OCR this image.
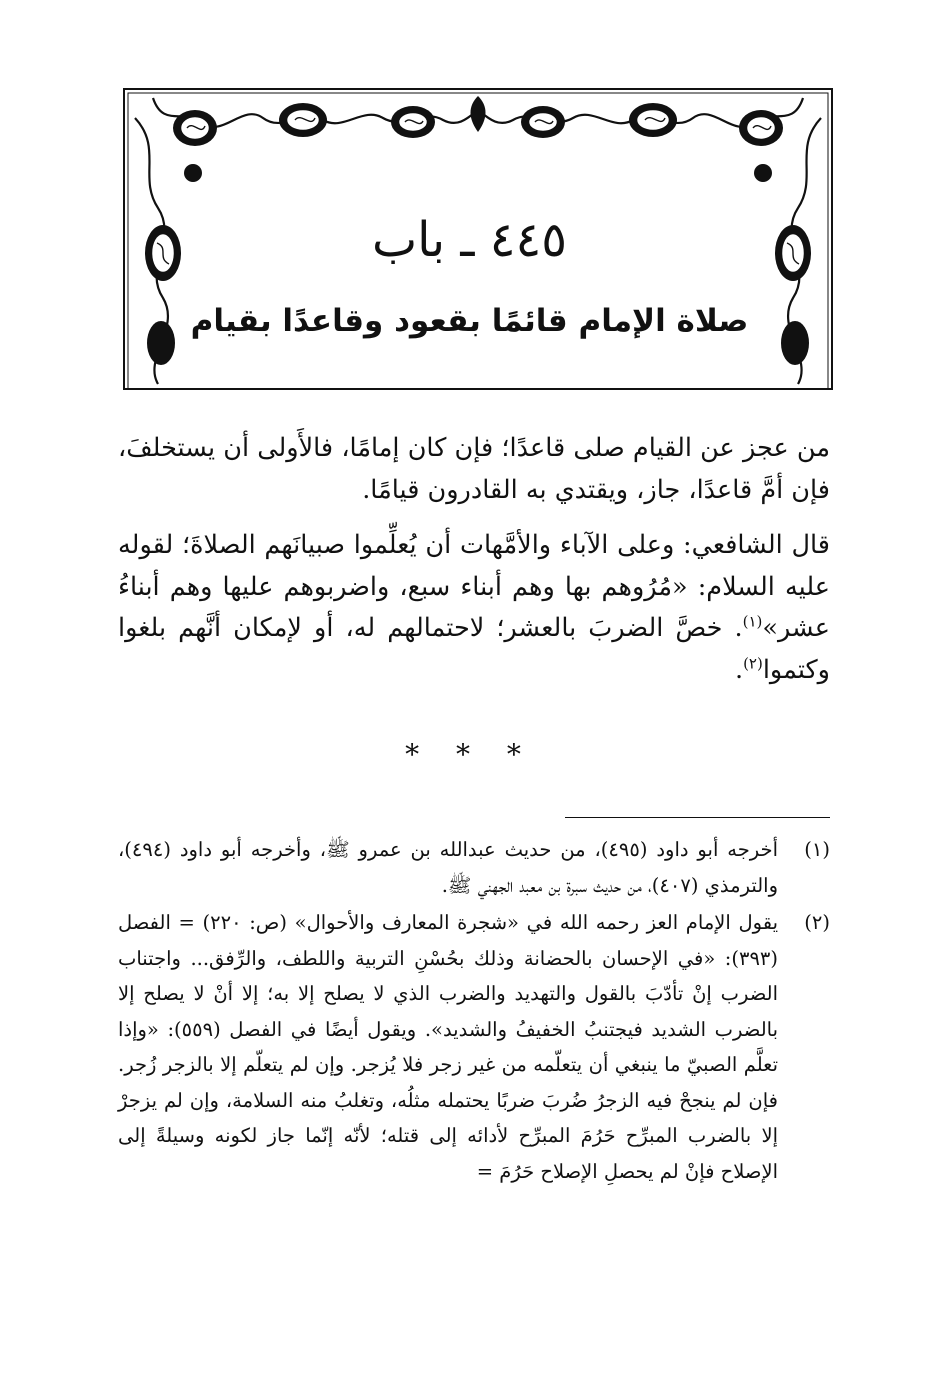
٤٤٥ ـ باب
صلاة الإمام قائمًا بقعود وقاعدًا بقيام

من عجز عن القيام صلى قاعدًا؛ فإن كان إمامًا، فالأَولى أن يستخلفَ، فإن أمَّ قاعدًا، جاز، ويقتدي به القادرون قيامًا.

قال الشافعي: وعلى الآباء والأمَّهات أن يُعلِّموا صبيانَهم الصلاةَ؛ لقوله عليه السلام: «مُرُوهم بها وهم أبناء سبع، واضربوهم عليها وهم أبناءُ عشر»$^{(١)}$. خصَّ الضربَ بالعشر؛ لاحتمالهم له، أو لإمكان أنَّهم بلغوا وكتموا$^{(٢)}$.

* * *
(١)
أخرجه أبو داود (٤٩٥)، من حديث عبدالله بن عمرو ﷺ، وأخرجه أبو داود (٤٩٤)، والترمذي (٤٠٧)، من حديث سبرة بن معبد الجهني ﷺ.
(٢)
يقول الإمام العز رحمه الله في «شجرة المعارف والأحوال» (ص: ٢٢٠) = الفصل (٣٩٣): «في الإحسان بالحضانة وذلك بحُسْنِ التربية واللطف، والرِّفق... واجتناب الضرب إنْ تأدّبَ بالقول والتهديد والضرب الذي لا يصلح إلا به؛ إلا أنْ لا يصلح إلا بالضرب الشديد فيجتنبُ الخفيفُ والشديد». ويقول أيضًا في الفصل (٥٥٩): «وإذا تعلَّم الصبيّ ما ينبغي أن يتعلّمه من غير زجر فلا يُزجر. وإن لم يتعلّم إلا بالزجر زُجر. فإن لم ينجحْ فيه الزجرُ ضُربَ ضربًا يحتمله مثلُه، وتغلبُ منه السلامة، وإن لم يزجرْ إلا بالضرب المبرِّح حَرُمَ المبرِّح لأدائه إلى قتله؛ لأنّه إنّما جاز لكونه وسيلةً إلى الإصلاح فإنْ لم يحصلِ الإصلاح حَرُمَ =
